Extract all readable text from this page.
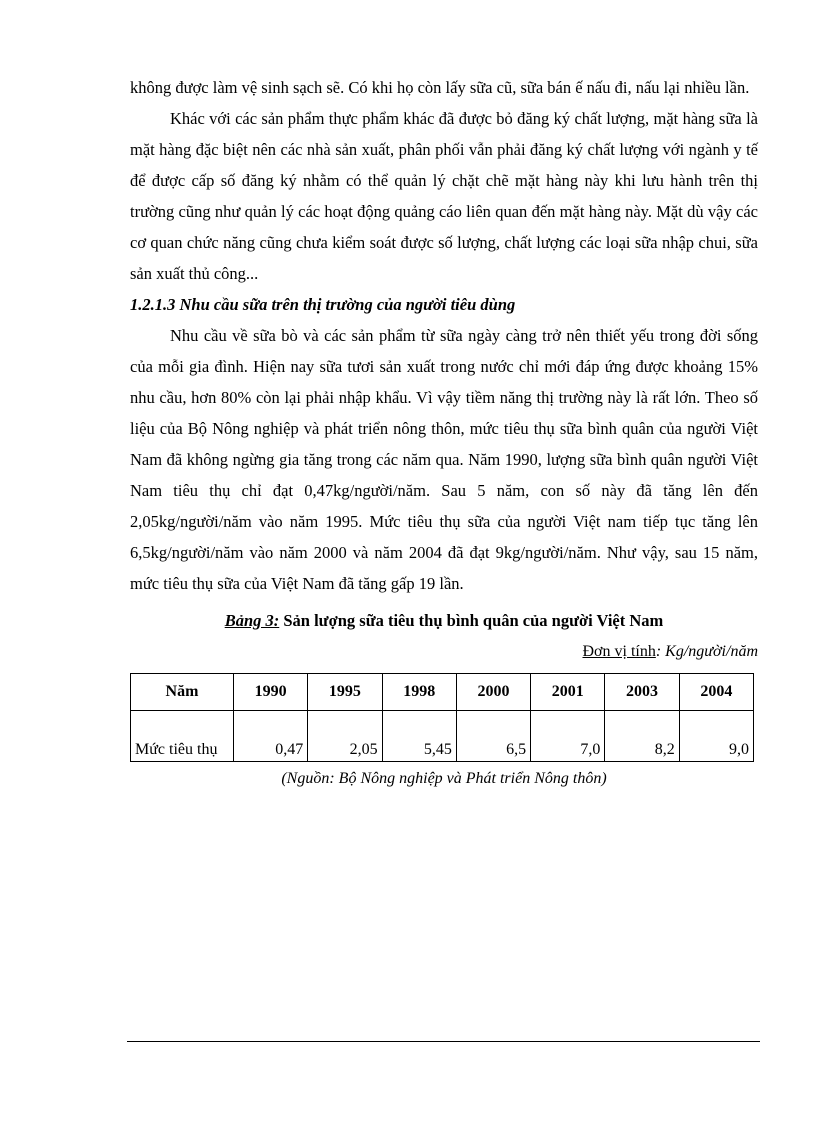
không được làm vệ sinh sạch sẽ. Có khi họ còn lấy sữa cũ, sữa bán ế nấu đi, nấu lại nhiều lần.

Khác với các sản phẩm thực phẩm khác đã được bỏ đăng ký chất lượng, mặt hàng sữa là mặt hàng đặc biệt nên các nhà sản xuất, phân phối vẫn phải đăng ký chất lượng với ngành y tế để được cấp số đăng ký nhằm có thể quản lý chặt chẽ mặt hàng này khi lưu hành trên thị trường cũng như quản lý các hoạt động quảng cáo liên quan đến mặt hàng này. Mặt dù vậy các cơ quan chức năng cũng chưa kiểm soát được số lượng, chất lượng các loại sữa nhập chui, sữa sản xuất thủ công...

1.2.1.3 Nhu cầu sữa trên thị trường của người tiêu dùng

Nhu cầu về sữa bò và các sản phẩm từ sữa ngày càng trở nên thiết yếu trong đời sống của mỗi gia đình. Hiện nay sữa tươi sản xuất trong nước chỉ mới đáp ứng được khoảng 15% nhu cầu, hơn 80% còn lại phải nhập khẩu. Vì vậy tiềm năng thị trường này là rất lớn. Theo số liệu của Bộ Nông nghiệp và phát triển nông thôn, mức tiêu thụ sữa bình quân của người Việt Nam đã không ngừng gia tăng trong các năm qua. Năm 1990, lượng sữa bình quân người Việt Nam tiêu thụ chỉ đạt 0,47kg/người/năm. Sau 5 năm, con số này đã tăng lên đến 2,05kg/người/năm vào năm 1995. Mức tiêu thụ sữa của người Việt nam tiếp tục tăng lên 6,5kg/người/năm vào năm 2000 và năm 2004 đã đạt 9kg/người/năm. Như vậy, sau 15 năm, mức tiêu thụ sữa của Việt Nam đã tăng gấp 19 lần.

Bảng 3: Sản lượng sữa tiêu thụ bình quân của người Việt Nam

Đơn vị tính: Kg/người/năm

Năm	1990	1995	1998	2000	2001	2003	2004
Mức tiêu thụ	0,47	2,05	5,45	6,5	7,0	8,2	9,0

(Nguồn: Bộ Nông nghiệp và Phát triển Nông thôn)
